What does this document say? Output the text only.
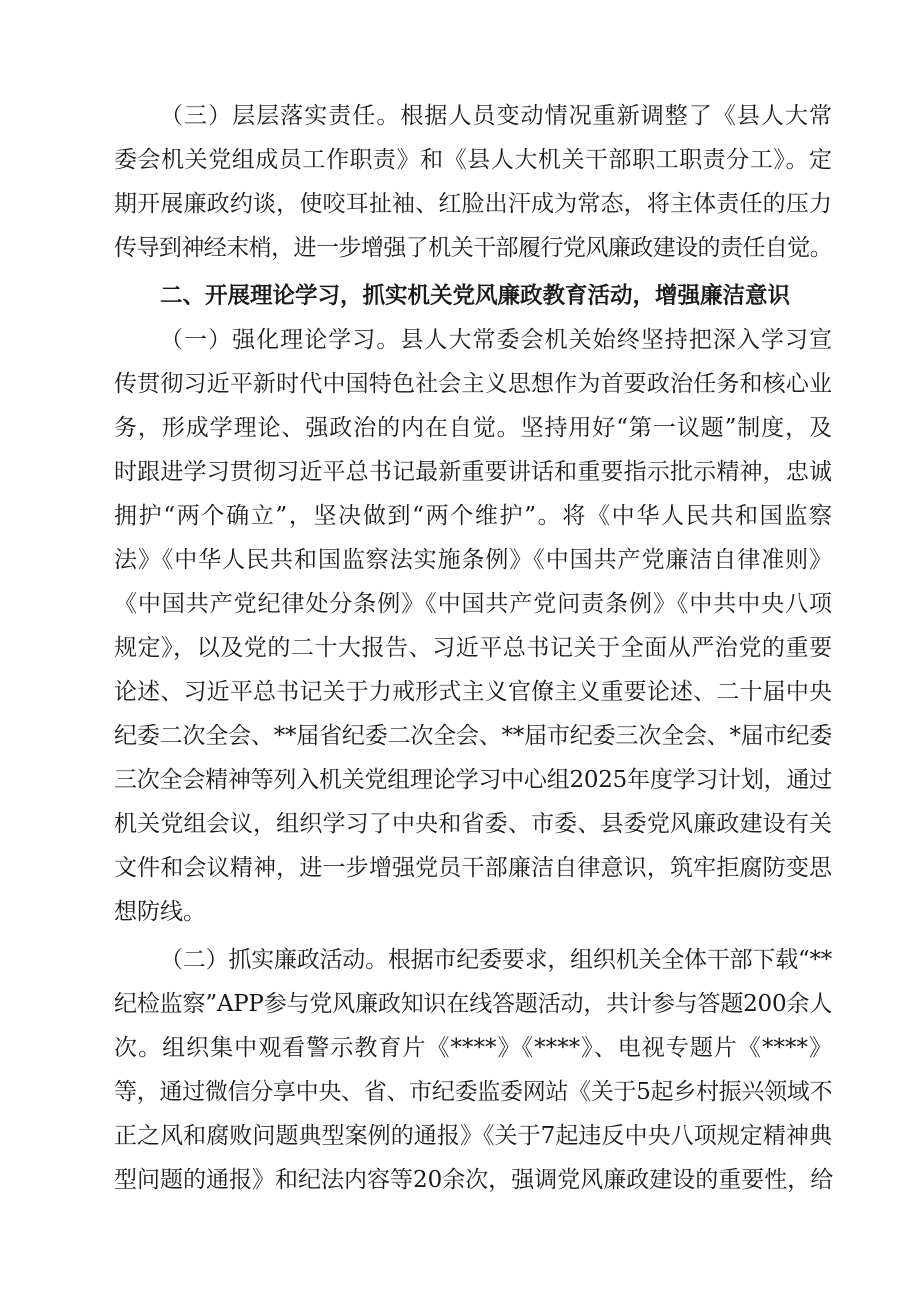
（三）层层落实责任。根据人员变动情况重新调整了《县人大常
委会机关党组成员工作职责》和《县人大机关干部职工职责分工》。定
期开展廉政约谈，使咬耳扯袖、红脸出汗成为常态，将主体责任的压力
传导到神经末梢，进一步增强了机关干部履行党风廉政建设的责任自觉。
二、开展理论学习，抓实机关党风廉政教育活动，增强廉洁意识
（一）强化理论学习。县人大常委会机关始终坚持把深入学习宣
传贯彻习近平新时代中国特色社会主义思想作为首要政治任务和核心业
务，形成学理论、强政治的内在自觉。坚持用好“第一议题”制度，及
时跟进学习贯彻习近平总书记最新重要讲话和重要指示批示精神，忠诚
拥护“两个确立”，坚决做到“两个维护”。将《中华人民共和国监察
法》《中华人民共和国监察法实施条例》《中国共产党廉洁自律准则》
《中国共产党纪律处分条例》《中国共产党问责条例》《中共中央八项
规定》，以及党的二十大报告、习近平总书记关于全面从严治党的重要
论述、习近平总书记关于力戒形式主义官僚主义重要论述、二十届中央
纪委二次全会、**届省纪委二次全会、**届市纪委三次全会、*届市纪委
三次全会精神等列入机关党组理论学习中心组2025年度学习计划，通过
机关党组会议，组织学习了中央和省委、市委、县委党风廉政建设有关
文件和会议精神，进一步增强党员干部廉洁自律意识，筑牢拒腐防变思
想防线。
（二）抓实廉政活动。根据市纪委要求，组织机关全体干部下载“**
纪检监察”APP参与党风廉政知识在线答题活动，共计参与答题200余人
次。组织集中观看警示教育片《****》《****》、电视专题片《****》
等，通过微信分享中央、省、市纪委监委网站《关于5起乡村振兴领域不
正之风和腐败问题典型案例的通报》《关于7起违反中央八项规定精神典
型问题的通报》和纪法内容等20余次，强调党风廉政建设的重要性，给
